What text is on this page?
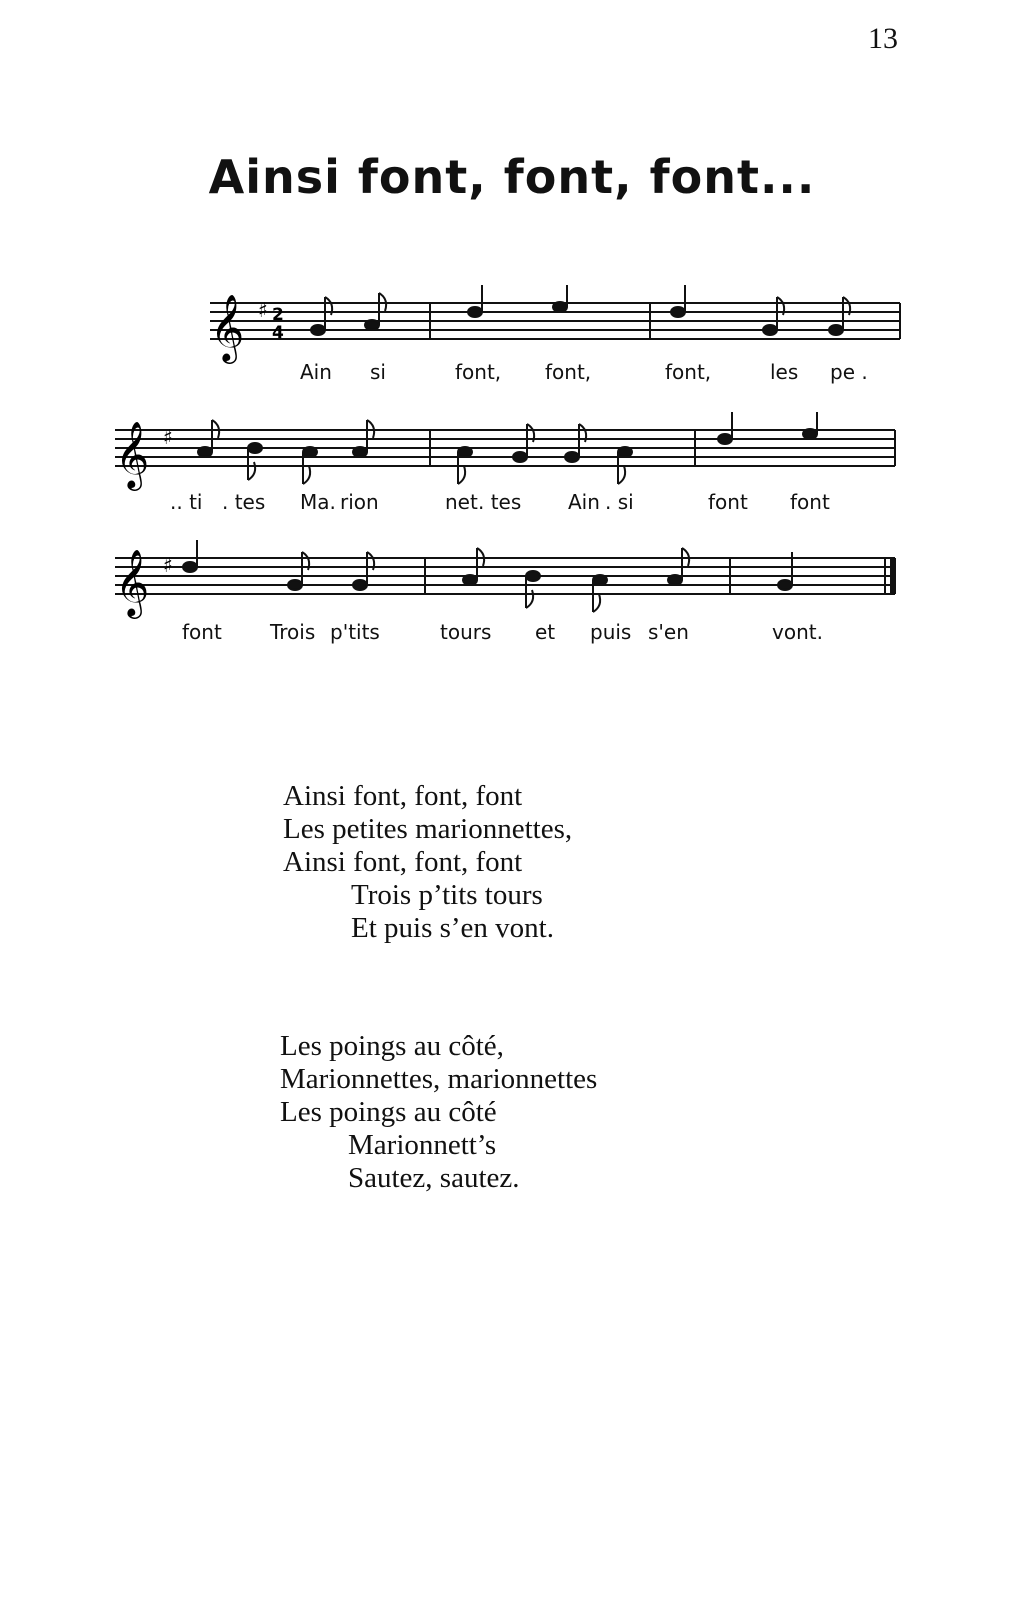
13
Ainsi font, font, font...
𝄞 ♯ 2
4
Ain si	font, font,	font,	les pe .
𝄞 ♯
.. ti . tes Ma. rion	net . tes Ain . si	font font
𝄞 ♯
font Trois p'tits	tours et puis s'en	vont.
Ainsi font, font, font
Les petites marionnettes,
Ainsi font, font, font
Trois p’tits tours
Et puis s’en vont.
Les poings au côté,
Marionnettes, marionnettes
Les poings au côté
Marionnett’s
Sautez, sautez.
